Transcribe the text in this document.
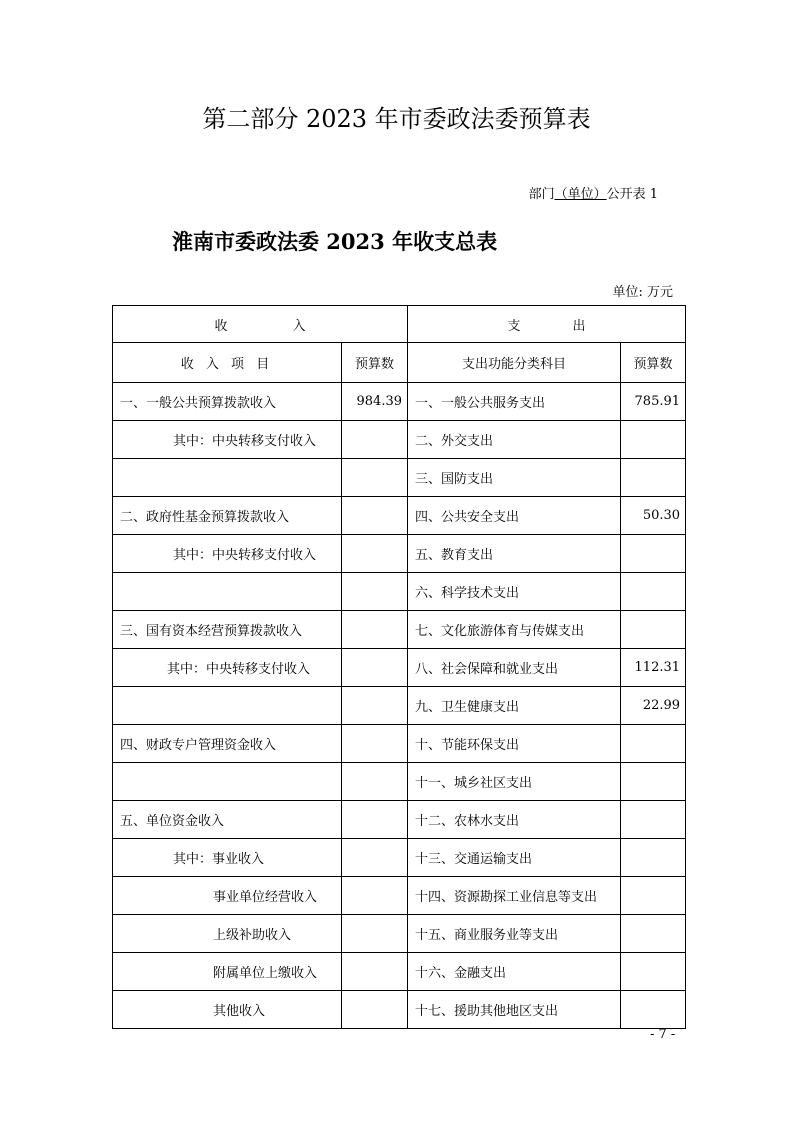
第二部分 2023 年市委政法委预算表
部门（单位）公开表 1
淮南市委政法委 2023 年收支总表
单位: 万元
收　　　　　入		支　　　　出	
收 入 项 目	预算数	支出功能分类科目	预算数
一、一般公共预算拨款收入	984.39	一、一般公共服务支出	785.91
其中：中央转移支付收入		二、外交支出	
		三、国防支出	
二、政府性基金预算拨款收入		四、公共安全支出	50.30
其中：中央转移支付收入		五、教育支出	
		六、科学技术支出	
三、国有资本经营预算拨款收入		七、文化旅游体育与传媒支出	
其中：中央转移支付收入		八、社会保障和就业支出	112.31
		九、卫生健康支出	22.99
四、财政专户管理资金收入		十、节能环保支出	
		十一、城乡社区支出	
五、单位资金收入		十二、农林水支出	
其中：事业收入		十三、交通运输支出	
事业单位经营收入		十四、资源勘探工业信息等支出	
上级补助收入		十五、商业服务业等支出	
附属单位上缴收入		十六、金融支出	
其他收入		十七、援助其他地区支出	
- 7 -
